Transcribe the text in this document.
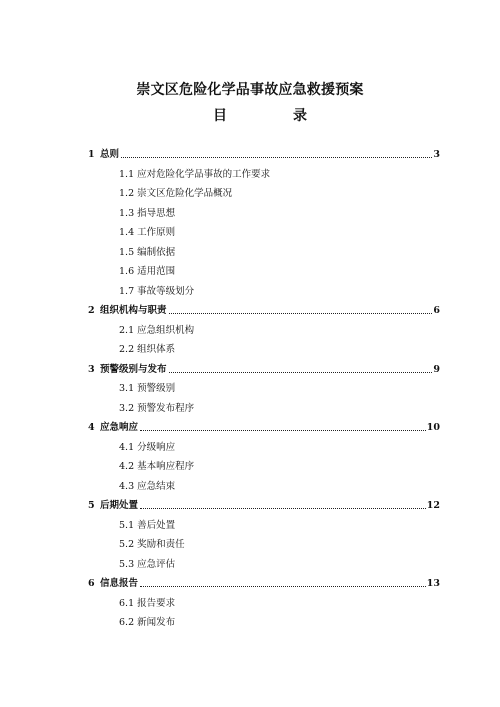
崇文区危险化学品事故应急救援预案
目	录
1 总则	3
1.1 应对危险化学品事故的工作要求
1.2 崇文区危险化学品概况
1.3 指导思想
1.4 工作原则
1.5 编制依据
1.6 适用范围
1.7 事故等级划分
2 组织机构与职责	6
2.1 应急组织机构
2.2 组织体系
3 预警级别与发布	9
3.1 预警级别
3.2 预警发布程序
4 应急响应	10
4.1 分级响应
4.2 基本响应程序
4.3 应急结束
5 后期处置	12
5.1 善后处置
5.2 奖励和责任
5.3 应急评估
6 信息报告	13
6.1 报告要求
6.2 新闻发布
